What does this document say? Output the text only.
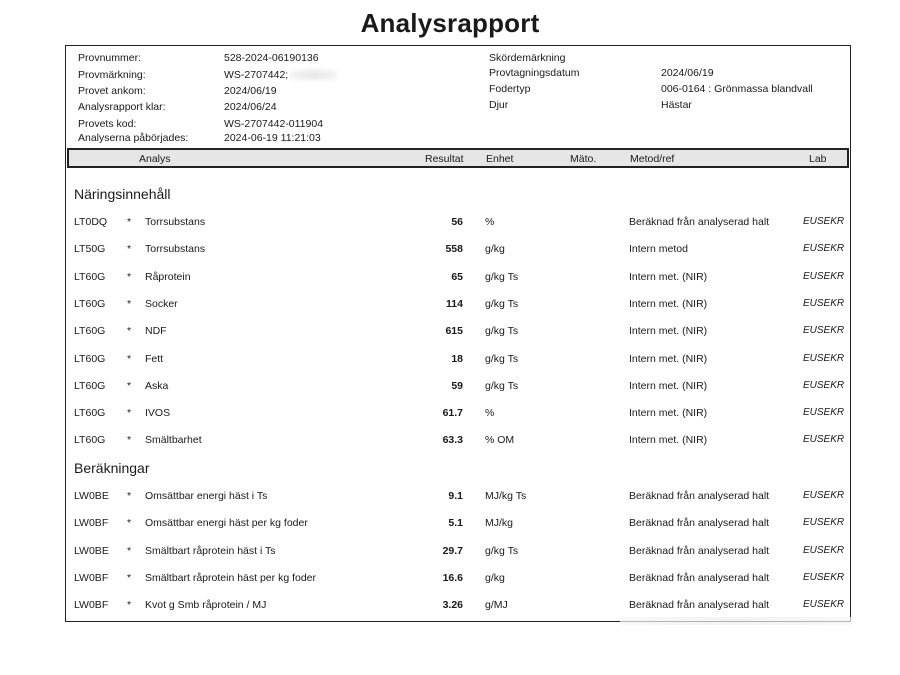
Analysrapport
Provnummer:	528-2024-06190136
Provmärkning:	WS-2707442;
Provet ankom:	2024/06/19
Analysrapport klar:	2024/06/24
Provets kod:	WS-2707442-011904
Analyserna påbörjades:	2024-06-19 11:21:03
Skördemärkning
Provtagningsdatum	2024/06/19
Fodertyp	006-0164 : Grönmassa blandvall
Djur	Hästar
Analys	Resultat Enhet	Mäto.	Metod/ref	Lab
Näringsinnehåll
LT0DQ * Torrsubstans	56 %	Beräknad från analyserad halt	EUSEKR
LT50G * Torrsubstans	558 g/kg	Intern metod	EUSEKR
LT60G * Råprotein	65 g/kg Ts	Intern met. (NIR)	EUSEKR
LT60G * Socker	114 g/kg Ts	Intern met. (NIR)	EUSEKR
LT60G * NDF	615 g/kg Ts	Intern met. (NIR)	EUSEKR
LT60G * Fett	18 g/kg Ts	Intern met. (NIR)	EUSEKR
LT60G * Aska	59 g/kg Ts	Intern met. (NIR)	EUSEKR
LT60G * IVOS	61.7 %	Intern met. (NIR)	EUSEKR
LT60G * Smältbarhet	63.3 % OM	Intern met. (NIR)	EUSEKR
Beräkningar
LW0BE * Omsättbar energi häst i Ts	9.1 MJ/kg Ts	Beräknad från analyserad halt	EUSEKR
LW0BF * Omsättbar energi häst per kg foder	5.1 MJ/kg	Beräknad från analyserad halt	EUSEKR
LW0BE * Smältbart råprotein häst i Ts	29.7 g/kg Ts	Beräknad från analyserad halt	EUSEKR
LW0BF * Smältbart råprotein häst per kg foder	16.6 g/kg	Beräknad från analyserad halt	EUSEKR
LW0BF * Kvot g Smb råprotein / MJ	3.26 g/MJ	Beräknad från analyserad halt	EUSEKR
